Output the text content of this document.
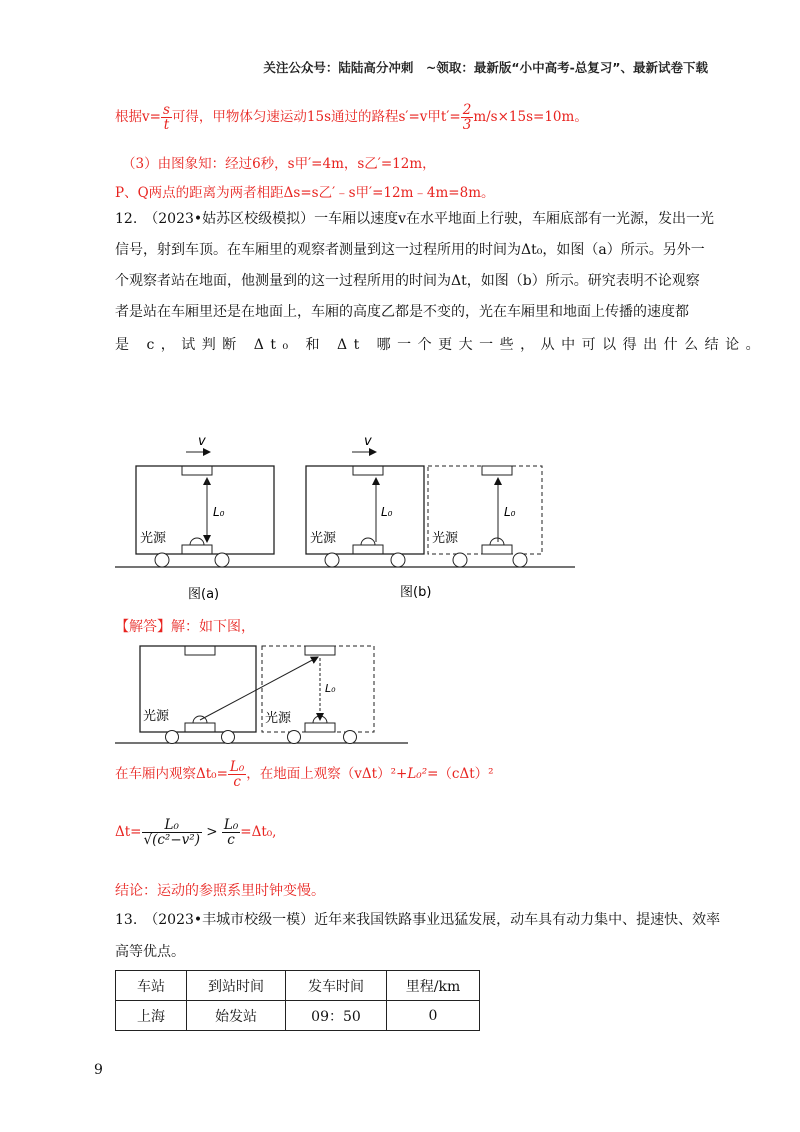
关注公众号：陆陆高分冲刺　~领取：最新版“小中高考-总复习”、最新试卷下载
根据$v= \frac{s}{t}$ 可得，甲物体匀速运动15s通过的路程s′=v甲$t'= \frac{2}{3} m/s\times 15s=10m$。
（3）由图象知：经过6秒，s甲′=4m，s乙′=12m，
P、Q两点的距离为两者相距Δs=s乙′﹣s甲′=12m﹣4m=8m。
12.　（2023•姑苏区校级模拟）一车厢以速度v在水平地面上行驶，车厢底部有一光源，发出一光
信号，射到车顶。在车厢里的观察者测量到这一过程所用的时间为Δt₀，如图（a）所示。另外一
个观察者站在地面，他测量到的这一过程所用的时间为Δt，如图（b）所示。研究表明不论观察
者是站在车厢里还是在地面上，车厢的高度乙都是不变的，光在车厢里和地面上传播的速度都
是 c，试判断 Δt₀ 和 Δt 哪一个更大一些，从中可以得出什么结论。
L₀
光源
v
L₀
光源
v
L₀
光源
图(a)	图(b)
【解答】解：如下图，
光源	光源
L₀
在车厢内观察$\Delta t_0= \frac{\text{L₀}}{c}$ ，在地面上观察（vΔt）²+L₀²=（cΔt）²
$\Delta t= \frac{\text{L₀}}{\text{√(c²−v²)}} > \frac{\text{L₀}}{c} =\Delta t_0$,
结论：运动的参照系里时钟变慢。
13.　（2023•丰城市校级一模）近年来我国铁路事业迅猛发展，动车具有动力集中、提速快、效率
高等优点。
车站	到站时间	发车时间	里程/km
上海	始发站	09：50	0
9
